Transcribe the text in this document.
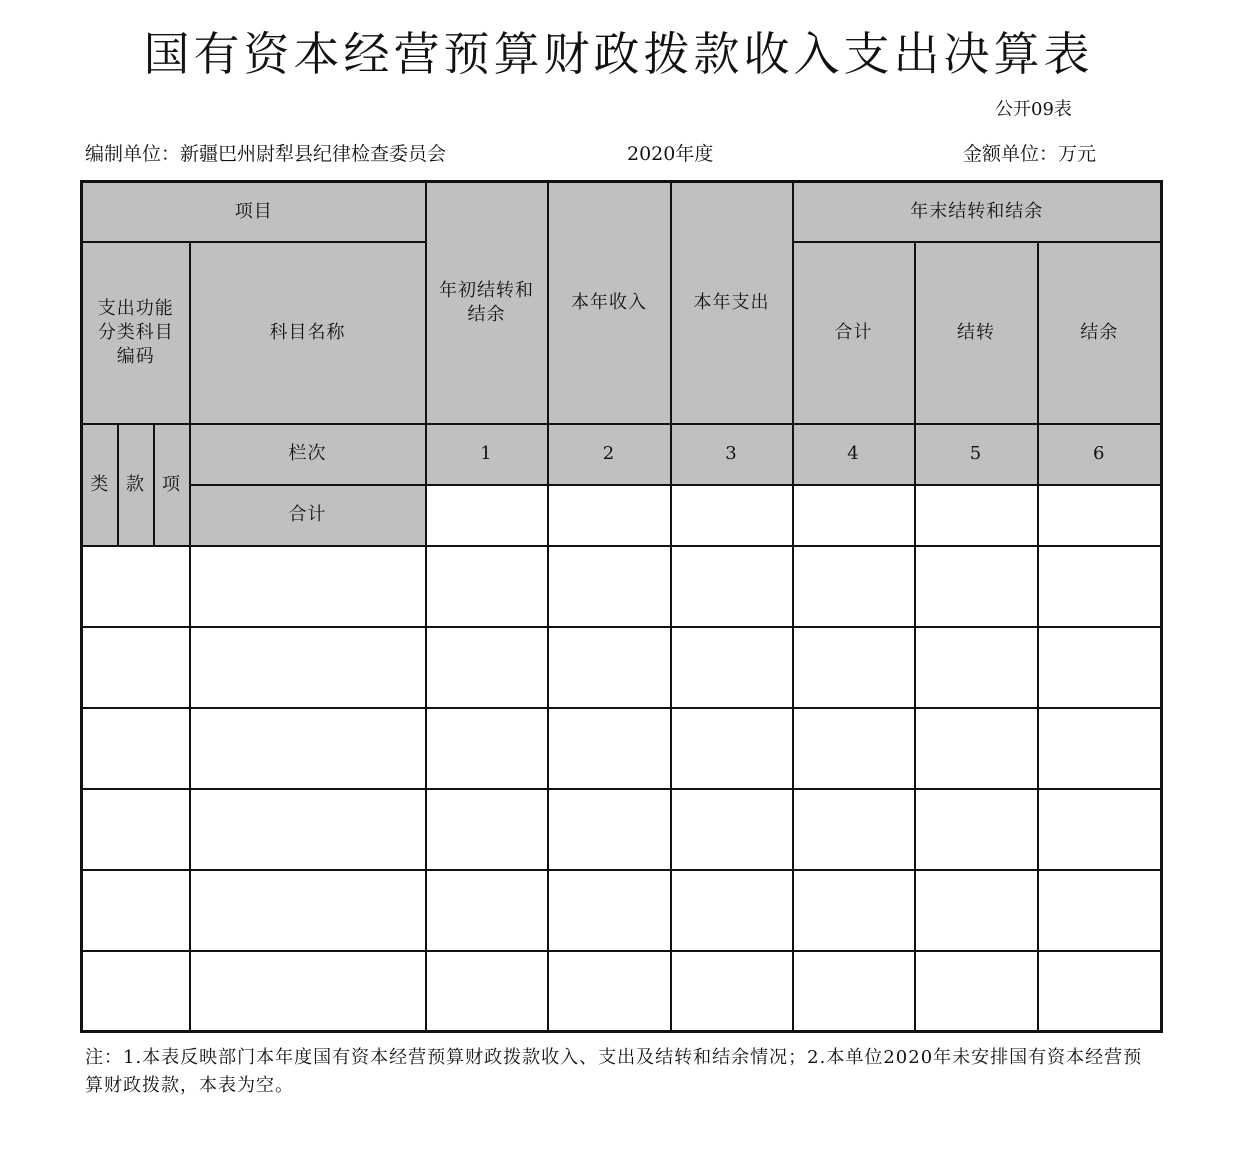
国有资本经营预算财政拨款收入支出决算表
公开09表
编制单位：新疆巴州尉犁县纪律检查委员会	2020年度	金额单位：万元
项目				年初结转和结余	本年收入	本年支出	年末结转和结余		
支出功能分类科目编码			科目名称				合计	结转	结余
类	款	项	栏次	1	2	3	4	5	6
			合计						

注：1.本表反映部门本年度国有资本经营预算财政拨款收入、支出及结转和结余情况；2.本单位2020年未安排国有资本经营预算财政拨款，本表为空。
